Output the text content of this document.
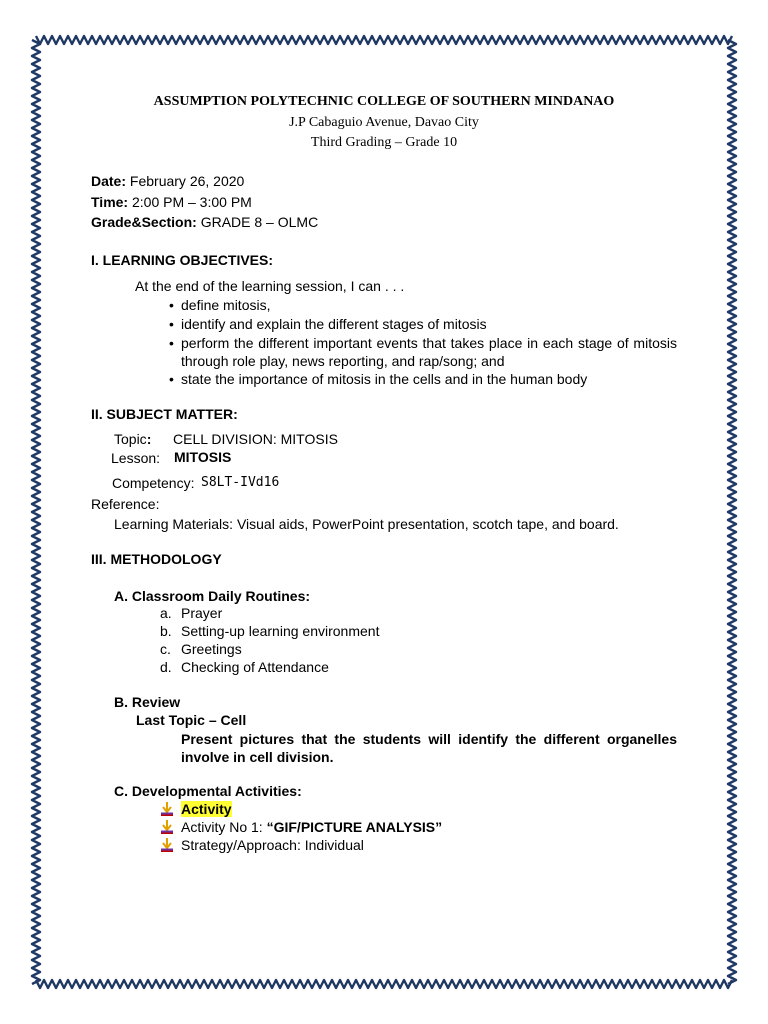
ASSUMPTION POLYTECHNIC COLLEGE OF SOUTHERN MINDANAO
J.P Cabaguio Avenue, Davao City
Third Grading – Grade 10
Date: February 26, 2020
Time: 2:00 PM – 3:00 PM
Grade&Section: GRADE 8 – OLMC
I. LEARNING OBJECTIVES:
At the end of the learning session, I can . . .
• define mitosis,
• identify and explain the different stages of mitosis
• perform the different important events that takes place in each stage of mitosis through role play, news reporting, and rap/song; and
• state the importance of mitosis in the cells and in the human body
II. SUBJECT MATTER:
Topic: CELL DIVISION: MITOSIS
Lesson: MITOSIS
Competency: S8LT-IVd16
Reference:
Learning Materials: Visual aids, PowerPoint presentation, scotch tape, and board.
III. METHODOLOGY
A. Classroom Daily Routines:
a. Prayer
b. Setting-up learning environment
c. Greetings
d. Checking of Attendance
B. Review
Last Topic – Cell
Present pictures that the students will identify the different organelles involve in cell division.
C. Developmental Activities:
Activity
Activity No 1: “GIF/PICTURE ANALYSIS”
Strategy/Approach: Individual
